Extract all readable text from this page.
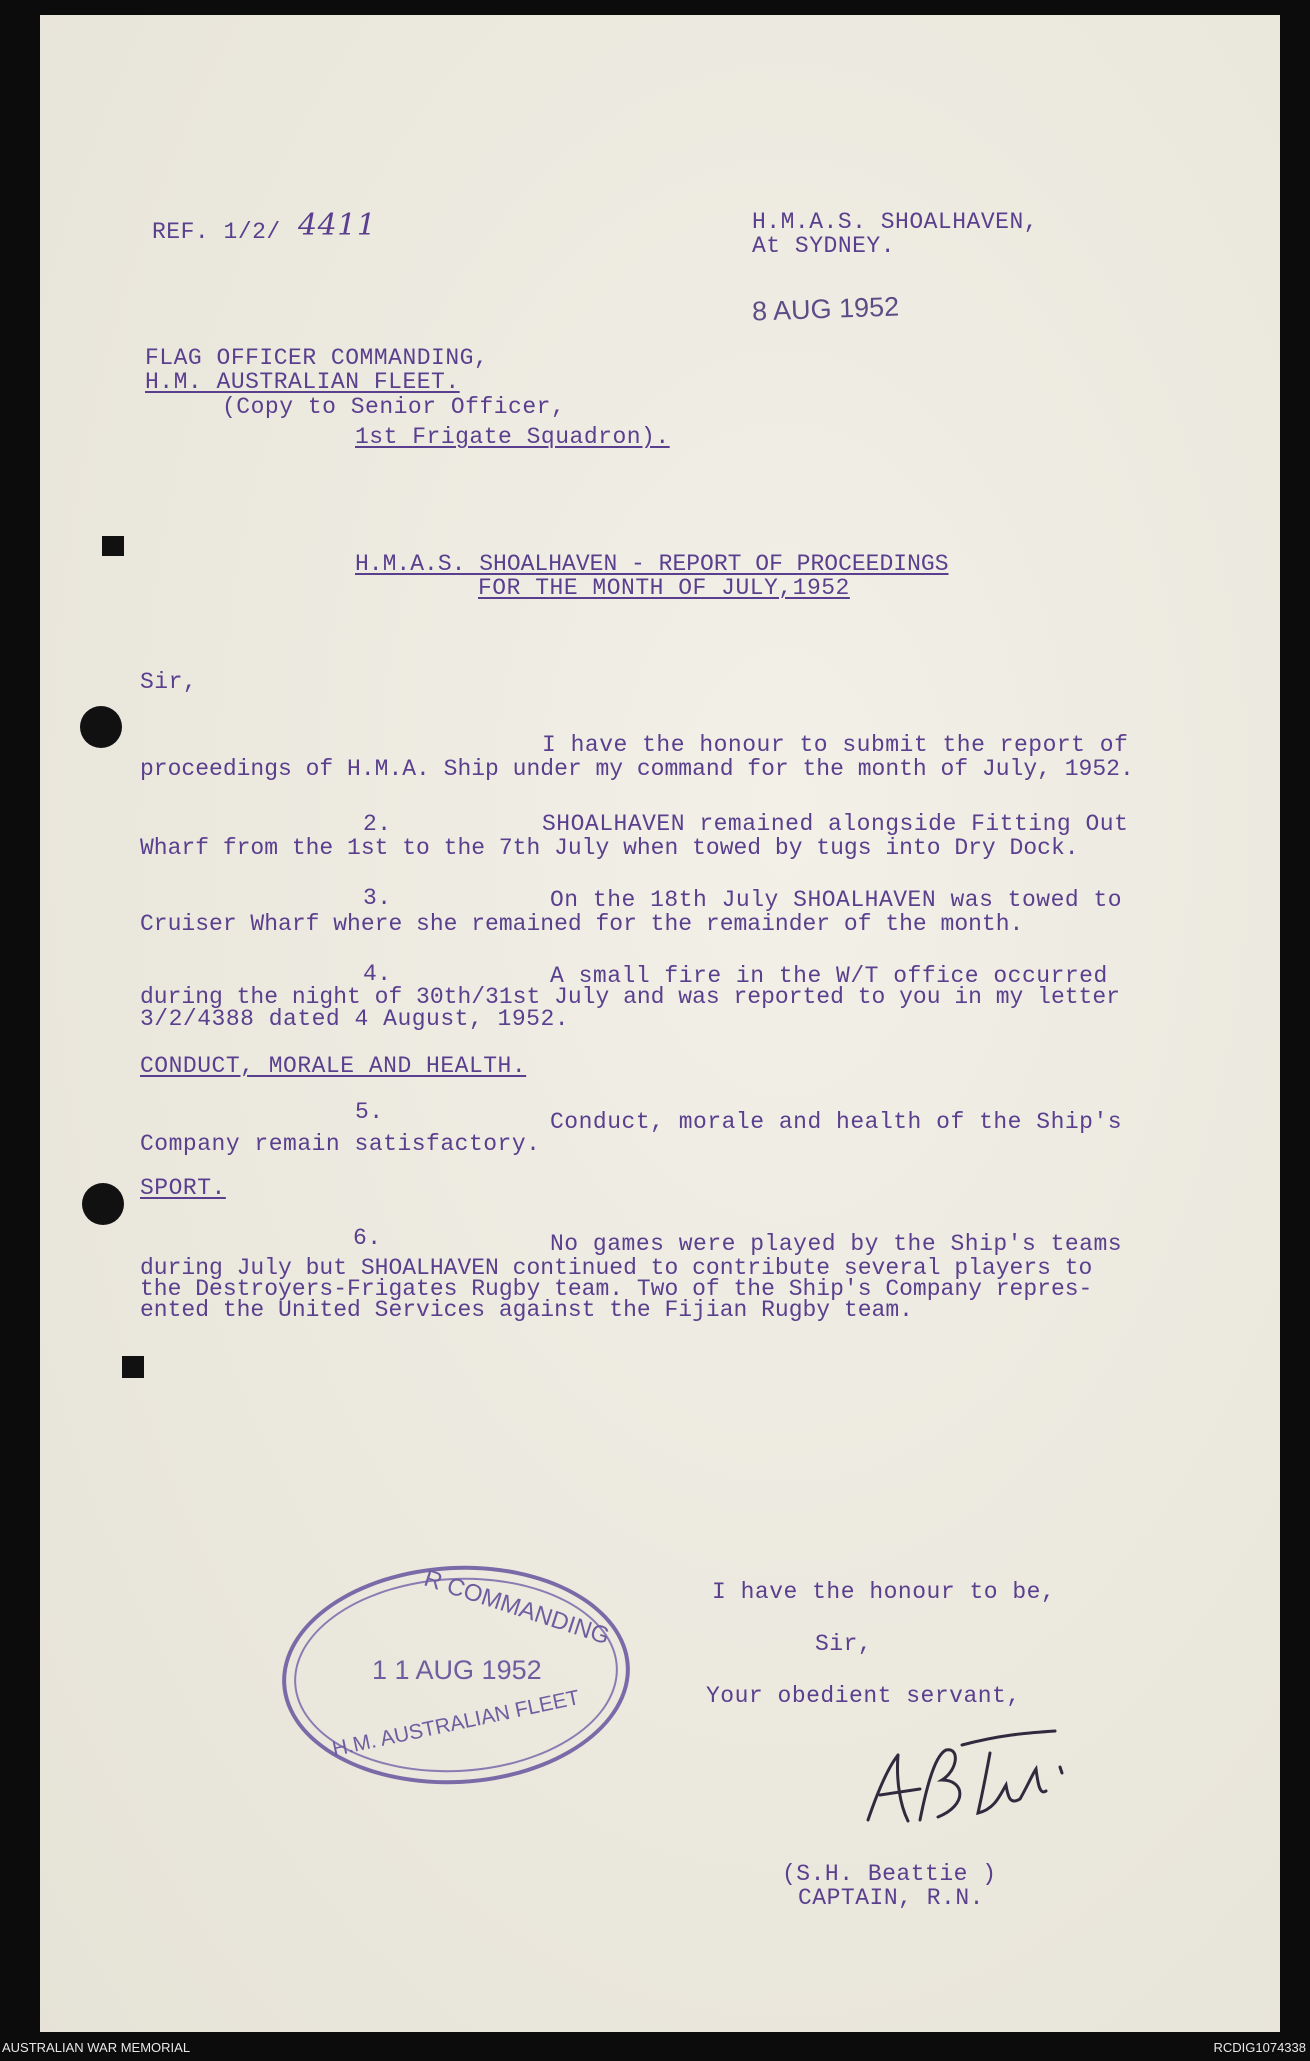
REF. 1/2/ 4411	H.M.A.S. SHOALHAVEN,
At SYDNEY.
8 AUG 1952
FLAG OFFICER COMMANDING,
H.M. AUSTRALIAN FLEET.
(Copy to Senior Officer,
1st Frigate Squadron).
H.M.A.S. SHOALHAVEN - REPORT OF PROCEEDINGS
FOR THE MONTH OF JULY,1952
Sir,
I have the honour to submit the report of
proceedings of H.M.A. Ship under my command for the month of July, 1952.
2.	SHOALHAVEN remained alongside Fitting Out
Wharf from the 1st to the 7th July when towed by tugs into Dry Dock.
3.	On the 18th July SHOALHAVEN was towed to
Cruiser Wharf where she remained for the remainder of the month.
4.	A small fire in the W/T office occurred
during the night of 30th/31st July and was reported to you in my letter
3/2/4388 dated 4 August, 1952.
CONDUCT, MORALE AND HEALTH.
5.	Conduct, morale and health of the Ship's
Company remain satisfactory.
SPORT.
6.	No games were played by the Ship's teams
during July but SHOALHAVEN continued to contribute several players to
the Destroyers-Frigates Rugby team. Two of the Ship's Company repres-
ented the United Services against the Fijian Rugby team.
R COMMANDING
1 1 AUG 1952
H.M. AUSTRALIAN FLEET
I have the honour to be,
Sir,
Your obedient servant,
(S.H. Beattie )
CAPTAIN, R.N.
AUSTRALIAN WAR MEMORIAL	RCDIG1074338
